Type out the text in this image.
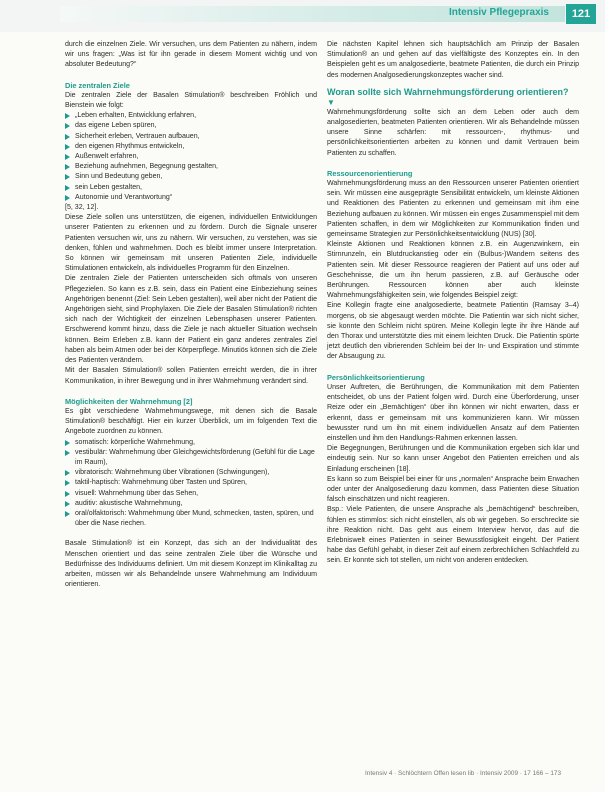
Intensiv Pflegepraxis	121

durch die einzelnen Ziele. Wir versuchen, uns dem Patienten zu nähern, indem wir uns fragen: „Was ist für ihn gerade in diesem Moment wichtig und von absoluter Bedeutung?“

Die zentralen Ziele

Die zentralen Ziele der Basalen Stimulation® beschreiben Fröhlich und Bienstein wie folgt:

„Leben erhalten, Entwicklung erfahren,
das eigene Leben spüren,
Sicherheit erleben, Vertrauen aufbauen,
den eigenen Rhythmus entwickeln,
Außenwelt erfahren,
Beziehung aufnehmen, Begegnung gestalten,
Sinn und Bedeutung geben,
sein Leben gestalten,
Autonomie und Verantwortung“

[5, 32, 12].

Diese Ziele sollen uns unterstützen, die eigenen, individuellen Entwicklungen unserer Patienten zu erkennen und zu fördern. Durch die Signale unserer Patienten versuchen wir, uns zu nähern. Wir versuchen, zu verstehen, was sie denken, fühlen und wahrnehmen. Doch es bleibt immer unsere Interpretation. So können wir gemeinsam mit unseren Patienten Ziele, individuelle Stimulationen entwickeln, als individuelles Programm für den Einzelnen.

Die zentralen Ziele der Patienten unterscheiden sich oftmals von unseren Pflegezielen. So kann es z.B. sein, dass ein Patient eine Einbeziehung seines Angehörigen benennt (Ziel: Sein Leben gestalten), weil aber nicht der Patient die Angehörigen sieht, sind Prophylaxen. Die Ziele der Basalen Stimulation® richten sich nach der Wichtigkeit der einzelnen Lebensphasen unserer Patienten. Erschwerend kommt hinzu, dass die Ziele je nach aktueller Situation wechseln können. Beim Erleben z.B. kann der Patient ein ganz anderes zentrales Ziel haben als beim Atmen oder bei der Körperpflege. Minutiös können sich die Ziele des Patienten verändern.

Mit der Basalen Stimulation® sollen Patienten erreicht werden, die in ihrer Kommunikation, in ihrer Bewegung und in ihrer Wahrnehmung verändert sind.

Möglichkeiten der Wahrnehmung [2]

Es gibt verschiedene Wahrnehmungswege, mit denen sich die Basale Stimulation® beschäftigt. Hier ein kurzer Überblick, um im folgenden Text die Angebote zuordnen zu können.

somatisch: körperliche Wahrnehmung,
vestibulär: Wahrnehmung über Gleichgewichtsförderung (Gefühl für die Lage im Raum),
vibratorisch: Wahrnehmung über Vibrationen (Schwingungen),
taktil-haptisch: Wahrnehmung über Tasten und Spüren,
visuell: Wahrnehmung über das Sehen,
auditiv: akustische Wahrnehmung,
oral/olfaktorisch: Wahrnehmung über Mund, schmecken, tasten, spüren, und über die Nase riechen.

Basale Stimulation® ist ein Konzept, das sich an der Individualität des Menschen orientiert und das seine zentralen Ziele über die Wünsche und Bedürfnisse des Individuums definiert. Um mit diesem Konzept im Klinikalltag zu arbeiten, müssen wir als Behandelnde unsere Wahrnehmung am Individuum orientieren.

Die nächsten Kapitel lehnen sich hauptsächlich am Prinzip der Basalen Stimulation® an und gehen auf das vielfältigste des Konzeptes ein. In den Beispielen geht es um analgosedierte, beatmete Patienten, die durch ein Prinzip des modernen Analgosedierungskonzeptes wacher sind.

Woran sollte sich Wahrnehmungsförderung orientieren?
▼

Wahrnehmungsförderung sollte sich an dem Leben oder auch dem analgosedierten, beatmeten Patienten orientieren. Wir als Behandelnde müssen unsere Sinne schärfen: mit ressourcen-, rhythmus- und persönlichkeitsorientierten arbeiten zu können und damit Vertrauen beim Patienten zu schaffen.

Ressourcenorientierung

Wahrnehmungsförderung muss an den Ressourcen unserer Patienten orientiert sein. Wir müssen eine ausgeprägte Sensibilität entwickeln, um kleinste Aktionen und Reaktionen des Patienten zu erkennen und gemeinsam mit ihm eine Beziehung aufbauen zu können. Wir müssen ein enges Zusammenspiel mit dem Patienten schaffen, in dem wir Möglichkeiten zur Kommunikation finden und gemeinsame Strategien zur Persönlichkeitsentwicklung (NUS) [30].

Kleinste Aktionen und Reaktionen können z.B. ein Augenzwinkern, ein Stirnrunzeln, ein Blutdruckanstieg oder ein (Bulbus-)Wandern seitens des Patienten sein. Mit dieser Ressource reagieren der Patient auf uns oder auf Geschehnisse, die um ihn herum passieren, z.B. auf Geräusche oder Berührungen. Ressourcen können aber auch kleinste Wahrnehmungsfähigkeiten sein, wie folgendes Beispiel zeigt:

Eine Kollegin fragte eine analgosedierte, beatmete Patientin (Ramsay 3–4) morgens, ob sie abgesaugt werden möchte. Die Patientin war sich nicht sicher, sie konnte den Schleim nicht spüren. Meine Kollegin legte ihr ihre Hände auf den Thorax und unterstützte dies mit einem leichten Druck. Die Patientin spürte jetzt deutlich den vibrierenden Schleim bei der In- und Exspiration und stimmte der Absaugung zu.

Persönlichkeitsorientierung

Unser Auftreten, die Berührungen, die Kommunikation mit dem Patienten entscheidet, ob uns der Patient folgen wird. Durch eine Überforderung, unser Reize oder ein „Bemächtigen“ über ihn können wir nicht erwarten, dass er erkennt, dass er gemeinsam mit uns kommunizieren kann. Wir müssen bewusster rund um ihn mit einem individuellen Ansatz auf dem Patienten einstellen und ihm den Handlungs-Rahmen erkennen lassen.

Die Begegnungen, Berührungen und die Kommunikation ergeben sich klar und eindeutig sein. Nur so kann unser Angebot den Patienten erreichen und als Einladung erscheinen [18].

Es kann so zum Beispiel bei einer für uns „normalen“ Ansprache beim Erwachen oder unter der Analgosedierung dazu kommen, dass Patienten diese Situation falsch einschätzen und nicht reagieren.

Bsp.: Viele Patienten, die unsere Ansprache als „bemächtigend“ beschreiben, fühlen es stimmlos: sich nicht einstellen, als ob wir gegeben. So erschreckte sie ihre Reaktion nicht. Das geht aus einem Interview hervor, das auf die Erlebniswelt eines Patienten in seiner Bewusstlosigkeit eingeht. Der Patient habe das Gefühl gehabt, in dieser Zeit auf einem zerbrechlichen Schlachtfeld zu sein. Er konnte sich tot stellen, um nicht von anderen entdecken.

Intensiv 4 · Schlöchtern Offen lesen lib · Intensiv 2009 · 17 166 – 173
